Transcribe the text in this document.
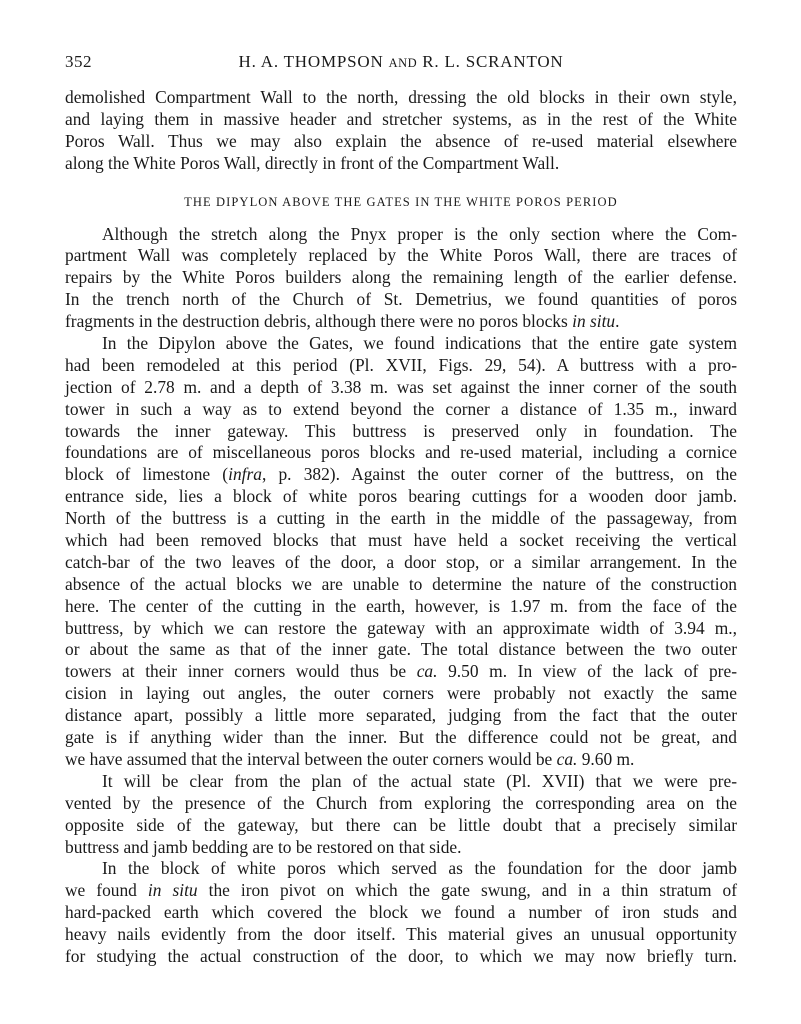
352	H. A. THOMPSON AND R. L. SCRANTON
demolished Compartment Wall to the north, dressing the old blocks in their own style,
and laying them in massive header and stretcher systems, as in the rest of the White
Poros Wall. Thus we may also explain the absence of re-used material elsewhere
along the White Poros Wall, directly in front of the Compartment Wall.
THE DIPYLON ABOVE THE GATES IN THE WHITE POROS PERIOD
Although the stretch along the Pnyx proper is the only section where the Com-
partment Wall was completely replaced by the White Poros Wall, there are traces of
repairs by the White Poros builders along the remaining length of the earlier defense.
In the trench north of the Church of St. Demetrius, we found quantities of poros
fragments in the destruction debris, although there were no poros blocks in situ.
In the Dipylon above the Gates, we found indications that the entire gate system
had been remodeled at this period (Pl. XVII, Figs. 29, 54). A buttress with a pro-
jection of 2.78 m. and a depth of 3.38 m. was set against the inner corner of the south
tower in such a way as to extend beyond the corner a distance of 1.35 m., inward
towards the inner gateway. This buttress is preserved only in foundation. The
foundations are of miscellaneous poros blocks and re-used material, including a cornice
block of limestone (infra, p. 382). Against the outer corner of the buttress, on the
entrance side, lies a block of white poros bearing cuttings for a wooden door jamb.
North of the buttress is a cutting in the earth in the middle of the passageway, from
which had been removed blocks that must have held a socket receiving the vertical
catch-bar of the two leaves of the door, a door stop, or a similar arrangement. In the
absence of the actual blocks we are unable to determine the nature of the construction
here. The center of the cutting in the earth, however, is 1.97 m. from the face of the
buttress, by which we can restore the gateway with an approximate width of 3.94 m.,
or about the same as that of the inner gate. The total distance between the two outer
towers at their inner corners would thus be ca. 9.50 m. In view of the lack of pre-
cision in laying out angles, the outer corners were probably not exactly the same
distance apart, possibly a little more separated, judging from the fact that the outer
gate is if anything wider than the inner. But the difference could not be great, and
we have assumed that the interval between the outer corners would be ca. 9.60 m.
It will be clear from the plan of the actual state (Pl. XVII) that we were pre-
vented by the presence of the Church from exploring the corresponding area on the
opposite side of the gateway, but there can be little doubt that a precisely similar
buttress and jamb bedding are to be restored on that side.
In the block of white poros which served as the foundation for the door jamb
we found in situ the iron pivot on which the gate swung, and in a thin stratum of
hard-packed earth which covered the block we found a number of iron studs and
heavy nails evidently from the door itself. This material gives an unusual opportunity
for studying the actual construction of the door, to which we may now briefly turn.
